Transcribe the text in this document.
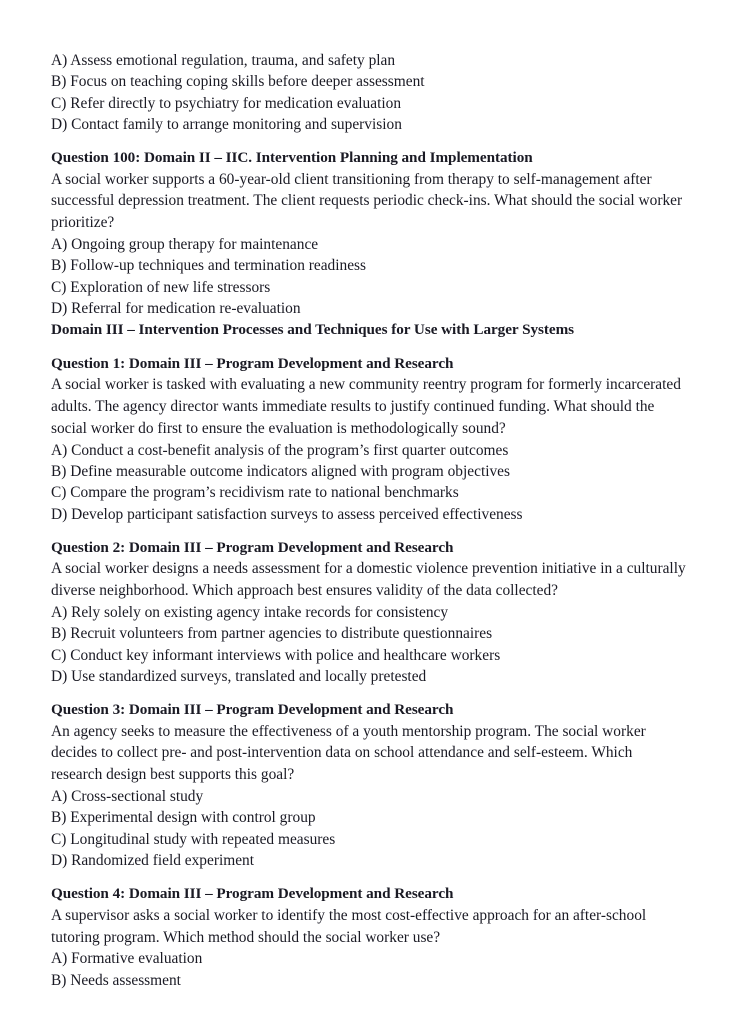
A) Assess emotional regulation, trauma, and safety plan
B) Focus on teaching coping skills before deeper assessment
C) Refer directly to psychiatry for medication evaluation
D) Contact family to arrange monitoring and supervision

Question 100: Domain II – IIC. Intervention Planning and Implementation

A social worker supports a 60-year-old client transitioning from therapy to self-management after successful depression treatment. The client requests periodic check-ins. What should the social worker prioritize?

A) Ongoing group therapy for maintenance
B) Follow-up techniques and termination readiness
C) Exploration of new life stressors
D) Referral for medication re-evaluation

Domain III – Intervention Processes and Techniques for Use with Larger Systems

Question 1: Domain III – Program Development and Research

A social worker is tasked with evaluating a new community reentry program for formerly incarcerated adults. The agency director wants immediate results to justify continued funding. What should the social worker do first to ensure the evaluation is methodologically sound?

A) Conduct a cost-benefit analysis of the program’s first quarter outcomes
B) Define measurable outcome indicators aligned with program objectives
C) Compare the program’s recidivism rate to national benchmarks
D) Develop participant satisfaction surveys to assess perceived effectiveness

Question 2: Domain III – Program Development and Research

A social worker designs a needs assessment for a domestic violence prevention initiative in a culturally diverse neighborhood. Which approach best ensures validity of the data collected?

A) Rely solely on existing agency intake records for consistency
B) Recruit volunteers from partner agencies to distribute questionnaires
C) Conduct key informant interviews with police and healthcare workers
D) Use standardized surveys, translated and locally pretested

Question 3: Domain III – Program Development and Research

An agency seeks to measure the effectiveness of a youth mentorship program. The social worker decides to collect pre- and post-intervention data on school attendance and self-esteem. Which research design best supports this goal?

A) Cross-sectional study
B) Experimental design with control group
C) Longitudinal study with repeated measures
D) Randomized field experiment

Question 4: Domain III – Program Development and Research

A supervisor asks a social worker to identify the most cost-effective approach for an after-school tutoring program. Which method should the social worker use?

A) Formative evaluation
B) Needs assessment
